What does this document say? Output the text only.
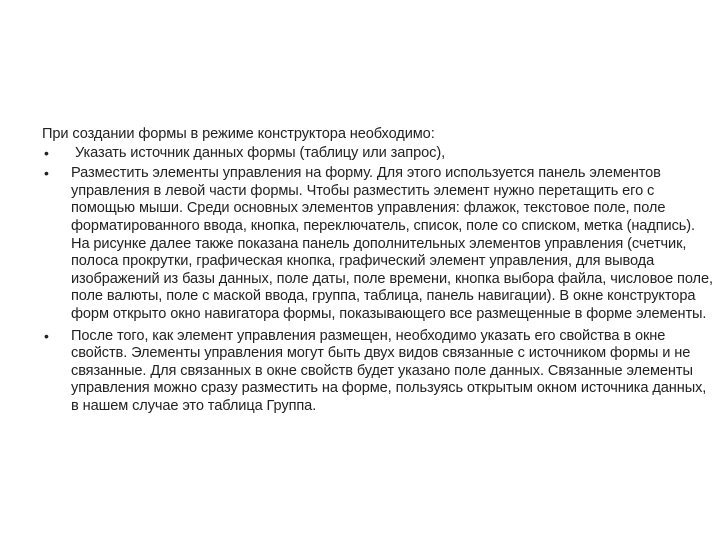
При создании формы в режиме конструктора необходимо:
• Указать источник данных формы (таблицу или запрос),
• Разместить элементы управления на форму. Для этого используется панель элементов управления в левой части формы. Чтобы разместить элемент нужно перетащить его с помощью мыши. Среди основных элементов управления: флажок, текстовое поле, поле форматированного ввода, кнопка, переключатель, список, поле со списком, метка (надпись). На рисунке далее также показана панель дополнительных элементов управления (счетчик, полоса прокрутки, графическая кнопка, графический элемент управления, для вывода изображений из базы данных, поле даты, поле времени, кнопка выбора файла, числовое поле, поле валюты, поле с маской ввода, группа, таблица, панель навигации). В окне конструктора форм открыто окно навигатора формы, показывающего все размещенные в форме элементы.
• После того, как элемент управления размещен, необходимо указать его свойства в окне свойств. Элементы управления могут быть двух видов связанные с источником формы и не связанные. Для связанных в окне свойств будет указано поле данных. Связанные элементы управления можно сразу разместить на форме, пользуясь открытым окном источника данных, в нашем случае это таблица Группа.
